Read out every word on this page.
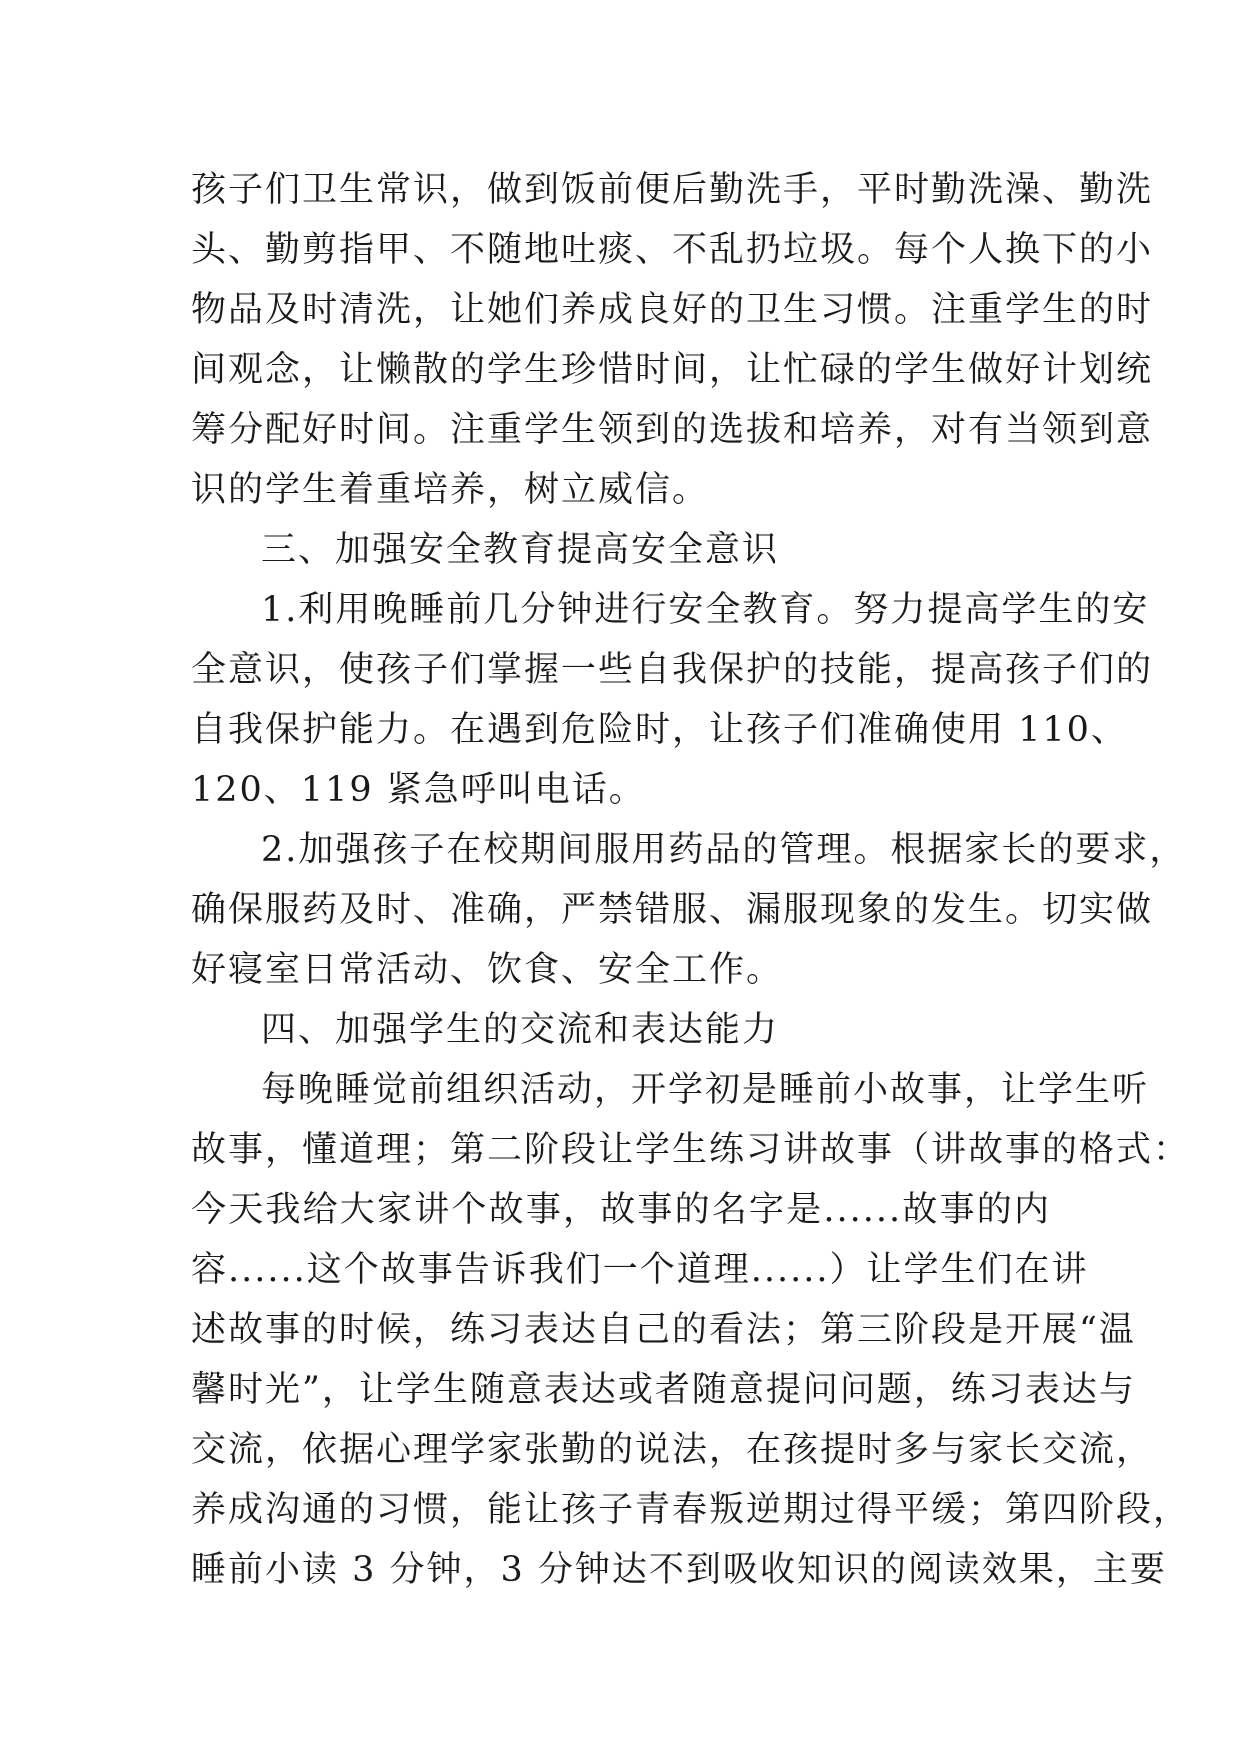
孩子们卫生常识，做到饭前便后勤洗手，平时勤洗澡、勤洗
头、勤剪指甲、不随地吐痰、不乱扔垃圾。每个人换下的小
物品及时清洗，让她们养成良好的卫生习惯。注重学生的时
间观念，让懒散的学生珍惜时间，让忙碌的学生做好计划统
筹分配好时间。注重学生领到的选拔和培养，对有当领到意
识的学生着重培养，树立威信。
三、加强安全教育提高安全意识
1.利用晚睡前几分钟进行安全教育。努力提高学生的安
全意识，使孩子们掌握一些自我保护的技能，提高孩子们的
自我保护能力。在遇到危险时，让孩子们准确使用 110、
120、119 紧急呼叫电话。
2.加强孩子在校期间服用药品的管理。根据家长的要求，
确保服药及时、准确，严禁错服、漏服现象的发生。切实做
好寝室日常活动、饮食、安全工作。
四、加强学生的交流和表达能力
每晚睡觉前组织活动，开学初是睡前小故事，让学生听
故事，懂道理；第二阶段让学生练习讲故事（讲故事的格式：
今天我给大家讲个故事，故事的名字是......故事的内
容......这个故事告诉我们一个道理......）让学生们在讲
述故事的时候，练习表达自己的看法；第三阶段是开展“温
馨时光”，让学生随意表达或者随意提问问题，练习表达与
交流，依据心理学家张勤的说法，在孩提时多与家长交流，
养成沟通的习惯，能让孩子青春叛逆期过得平缓；第四阶段，
睡前小读 3 分钟，3 分钟达不到吸收知识的阅读效果，主要
